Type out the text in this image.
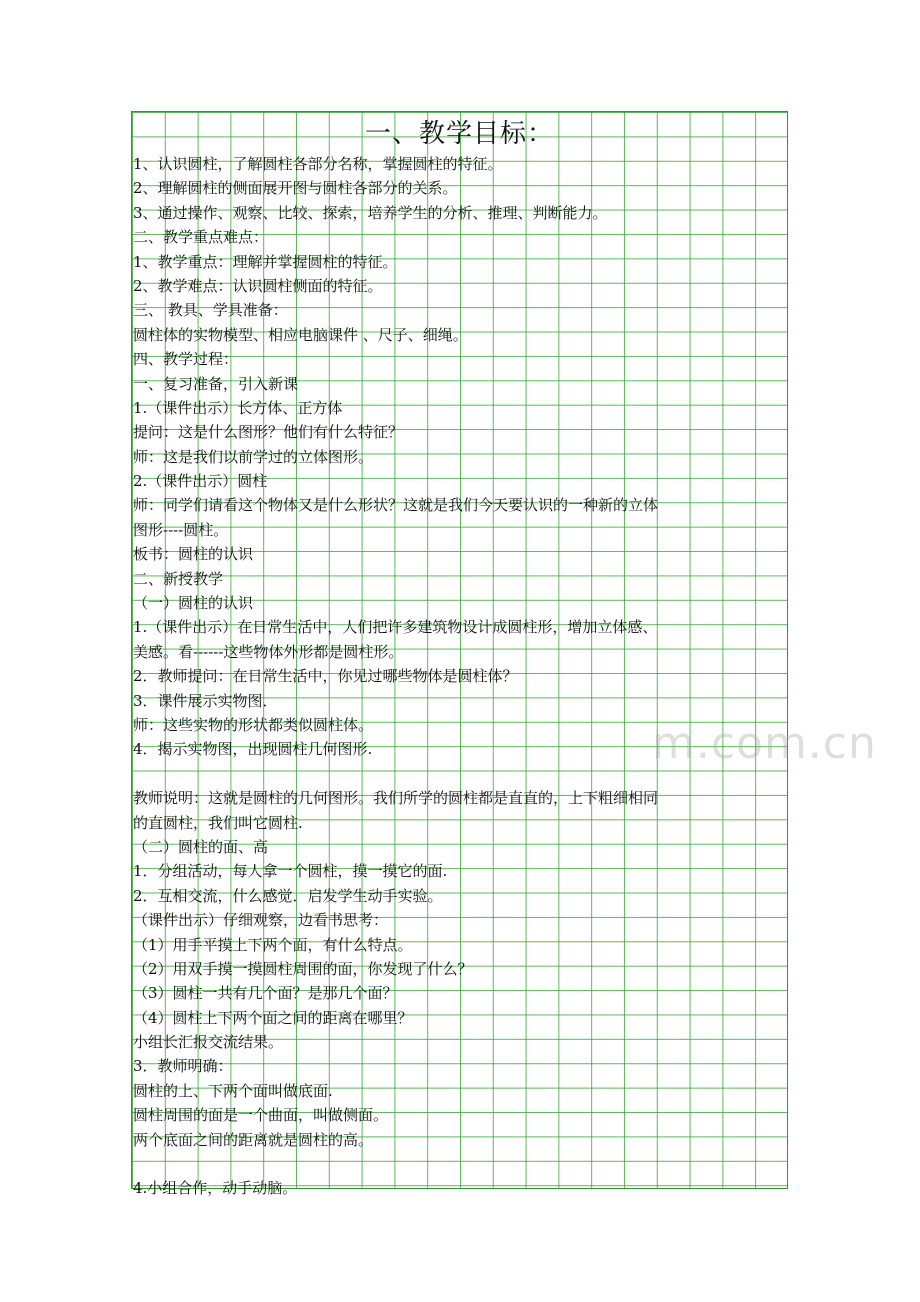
一、教学目标：
1、认识圆柱，了解圆柱各部分名称，掌握圆柱的特征。
2、理解圆柱的侧面展开图与圆柱各部分的关系。
3、通过操作、观察、比较、探索，培养学生的分析、推理、判断能力。
二、教学重点难点：
1、教学重点：理解并掌握圆柱的特征。
2、教学难点：认识圆柱侧面的特征。
三、 教具、学具准备：
圆柱体的实物模型、相应电脑课件 、尺子、细绳。
四、教学过程：
一、复习准备，引入新课
1.（课件出示）长方体、正方体
提问：这是什么图形？他们有什么特征？
师：这是我们以前学过的立体图形。
2.（课件出示）圆柱
师：同学们请看这个物体又是什么形状？这就是我们今天要认识的一种新的立体
图形----圆柱。
板书：圆柱的认识
二、新授教学
（一）圆柱的认识
1.（课件出示）在日常生活中，人们把许多建筑物设计成圆柱形，增加立体感、
美感。看------这些物体外形都是圆柱形。
2．教师提问：在日常生活中，你见过哪些物体是圆柱体？
3．课件展示实物图．
师：这些实物的形状都类似圆柱体。
4．揭示实物图，出现圆柱几何图形.
教师说明：这就是圆柱的几何图形。我们所学的圆柱都是直直的，上下粗细相同
的直圆柱，我们叫它圆柱.
（二）圆柱的面、高
1．分组活动，每人拿一个圆柱，摸一摸它的面.
2．互相交流，什么感觉．启发学生动手实验。
（课件出示）仔细观察，边看书思考：
（1）用手平摸上下两个面，有什么特点。
（2）用双手摸一摸圆柱周围的面，你发现了什么？
（3）圆柱一共有几个面？是那几个面？
（4）圆柱上下两个面之间的距离在哪里？
小组长汇报交流结果。
3．教师明确：
圆柱的上、下两个面叫做底面.
圆柱周围的面是一个曲面，叫做侧面。
两个底面之间的距离就是圆柱的高。
4.小组合作，动手动脑。
m.com.cn
